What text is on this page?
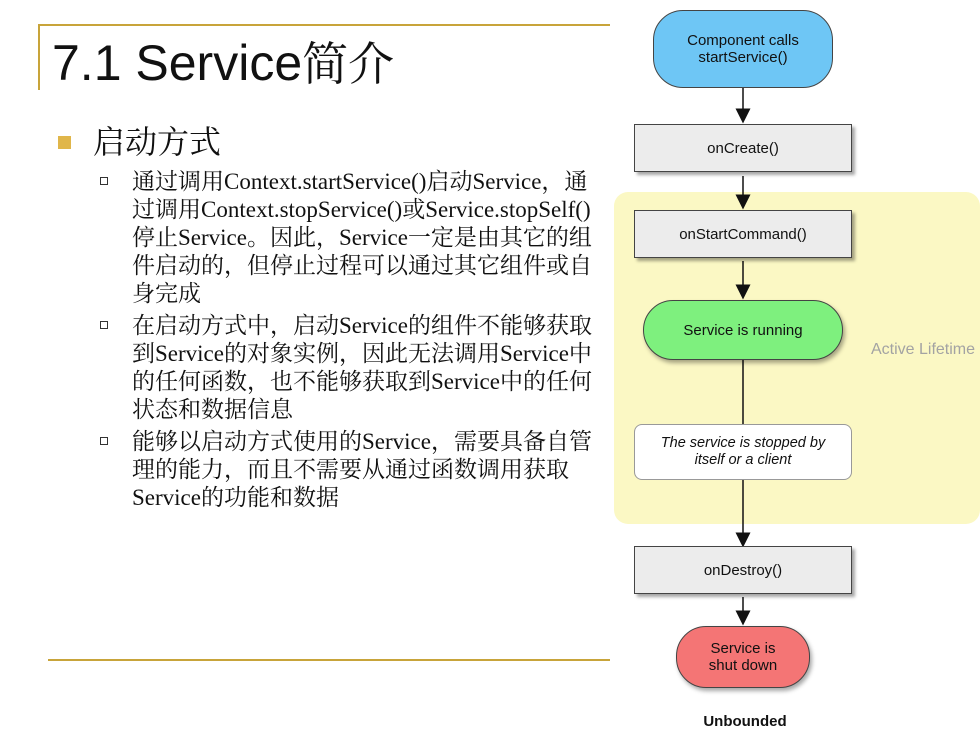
7.1 Service简介
启动方式
通过调用Context.startService()启动Service，通过调用Context.stopService()或Service.stopSelf()停止Service。因此，Service一定是由其它的组件启动的，但停止过程可以通过其它组件或自身完成
在启动方式中，启动Service的组件不能够获取到Service的对象实例，因此无法调用Service中的任何函数，也不能够获取到Service中的任何状态和数据信息
能够以启动方式使用的Service，需要具备自管理的能力，而且不需要从通过函数调用获取Service的功能和数据
Component calls startService()
onCreate()
onStartCommand()
Service is running
Active Lifetime
The service is stopped by itself or a client
onDestroy()
Service is shut down
Unbounded
